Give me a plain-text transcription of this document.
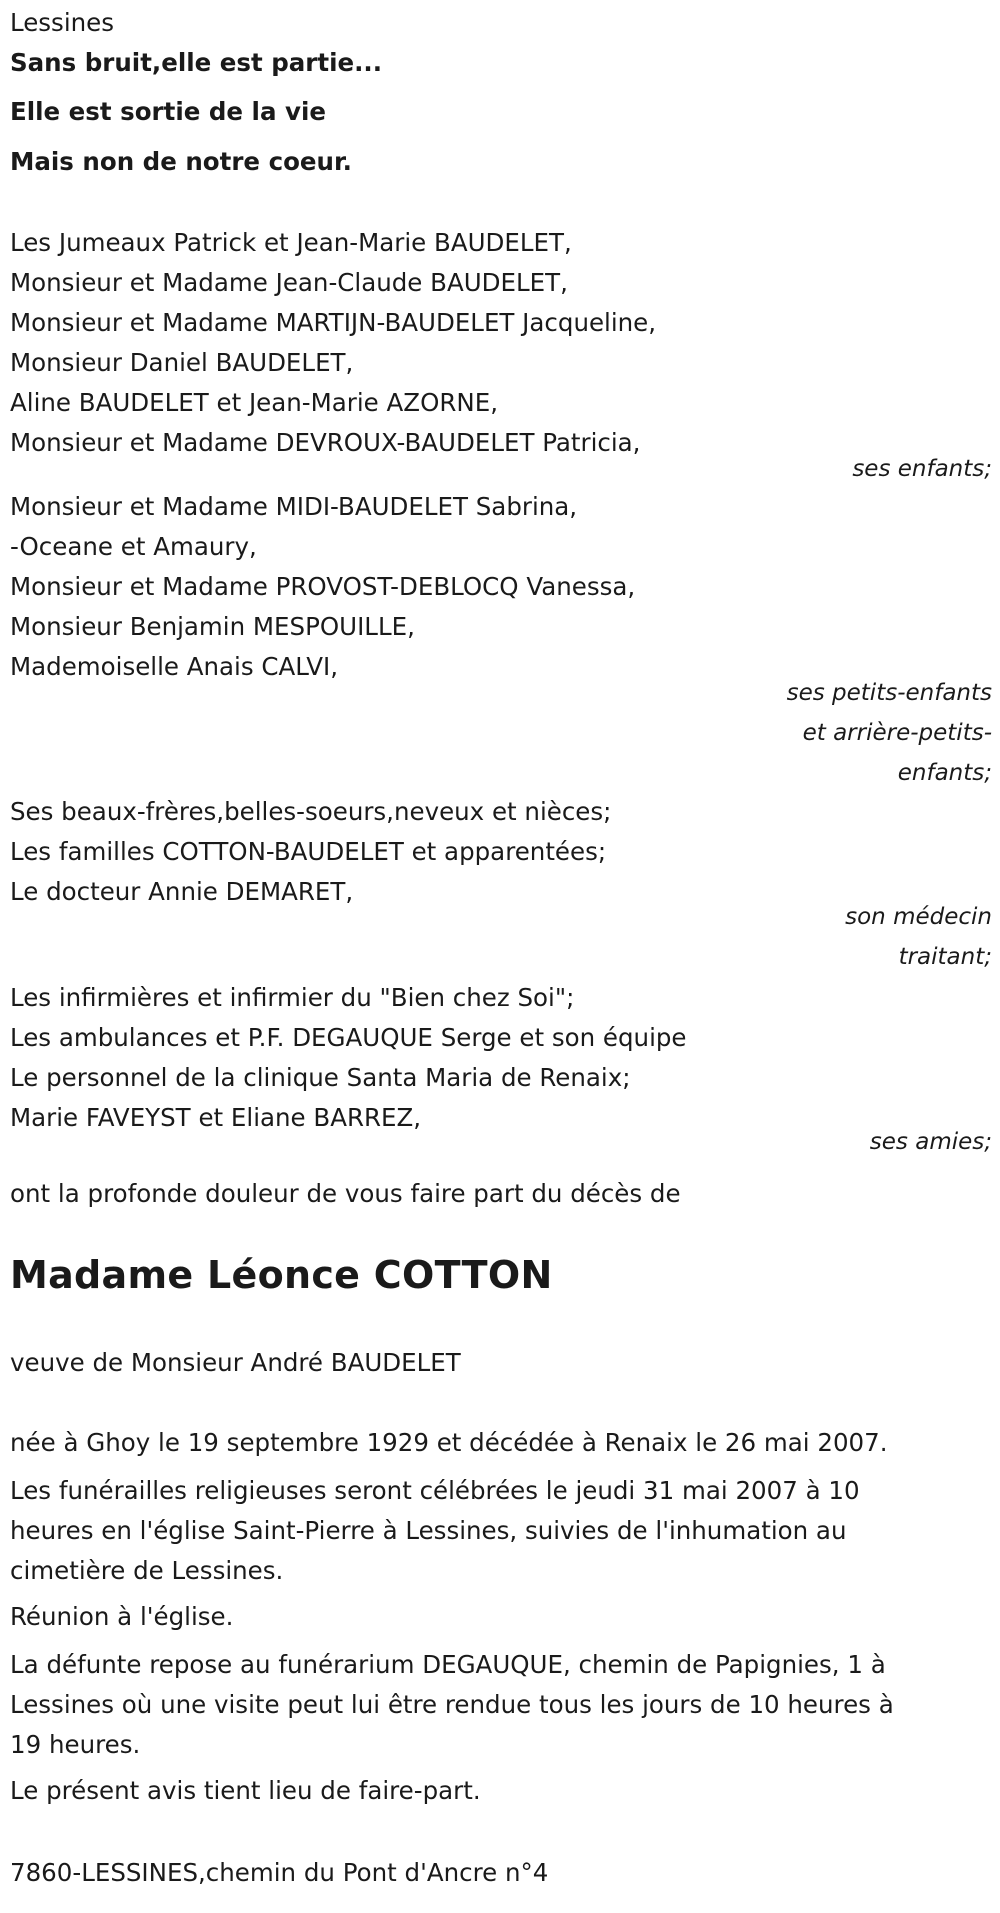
Lessines
Sans bruit,elle est partie...
Elle est sortie de la vie
Mais non de notre coeur.
Les Jumeaux Patrick et Jean-Marie BAUDELET,
Monsieur et Madame Jean-Claude BAUDELET,
Monsieur et Madame MARTIJN-BAUDELET Jacqueline,
Monsieur Daniel BAUDELET,
Aline BAUDELET et Jean-Marie AZORNE,
Monsieur et Madame DEVROUX-BAUDELET Patricia,
ses enfants;
Monsieur et Madame MIDI-BAUDELET Sabrina,
-Oceane et Amaury,
Monsieur et Madame PROVOST-DEBLOCQ Vanessa,
Monsieur Benjamin MESPOUILLE,
Mademoiselle Anais CALVI,
ses petits-enfants
et arrière-petits-
enfants;
Ses beaux-frères,belles-soeurs,neveux et nièces;
Les familles COTTON-BAUDELET et apparentées;
Le docteur Annie DEMARET,
son médecin
traitant;
Les infirmières et infirmier du "Bien chez Soi";
Les ambulances et P.F. DEGAUQUE Serge et son équipe
Le personnel de la clinique Santa Maria de Renaix;
Marie FAVEYST et Eliane BARREZ,
ses amies;
ont la profonde douleur de vous faire part du décès de
Madame Léonce COTTON
veuve de Monsieur André BAUDELET
née à Ghoy le 19 septembre 1929 et décédée à Renaix le 26 mai 2007.
Les funérailles religieuses seront célébrées le jeudi 31 mai 2007 à 10
heures en l'église Saint-Pierre à Lessines, suivies de l'inhumation au
cimetière de Lessines.
Réunion à l'église.
La défunte repose au funérarium DEGAUQUE, chemin de Papignies, 1 à
Lessines où une visite peut lui être rendue tous les jours de 10 heures à
19 heures.
Le présent avis tient lieu de faire-part.
7860-LESSINES,chemin du Pont d'Ancre n°4
